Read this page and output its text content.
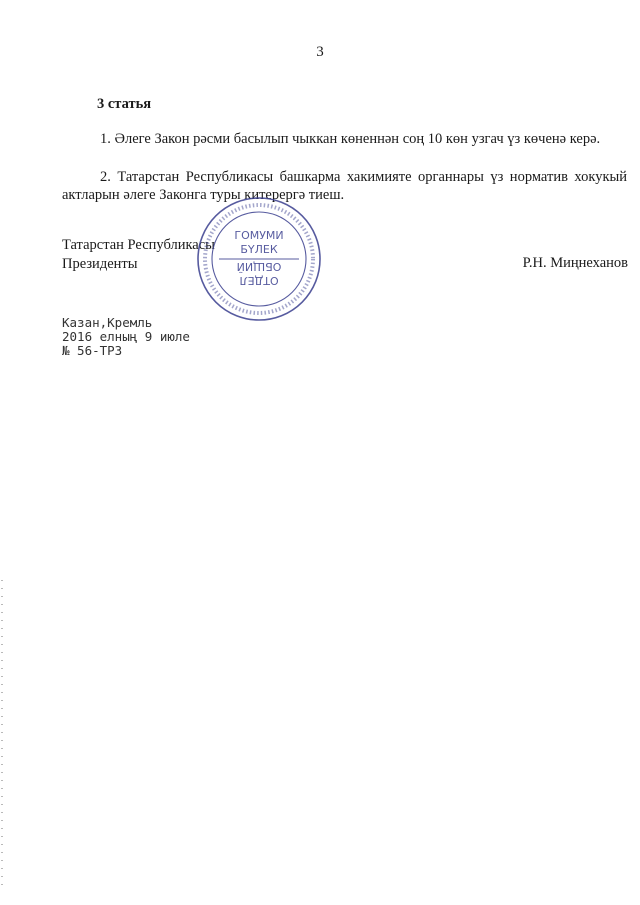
3
3 статья

1. Әлеге Закон рәсми басылып чыккан көненнән соң 10 көн узгач үз көченә керә.

2. Татарстан Республикасы башкарма хакимияте органнары үз норматив хокукый актларын әлеге Законга туры китерергә тиеш.

Татарстан Республикасы
Президенты	Р.Н. Миңнеханов
ГОМУМИ
БҮЛЕК
ОТДЕЛ
ОБЩИЙ
Казан,Кремль
2016 елның 9 июле
№ 56-ТРЗ
